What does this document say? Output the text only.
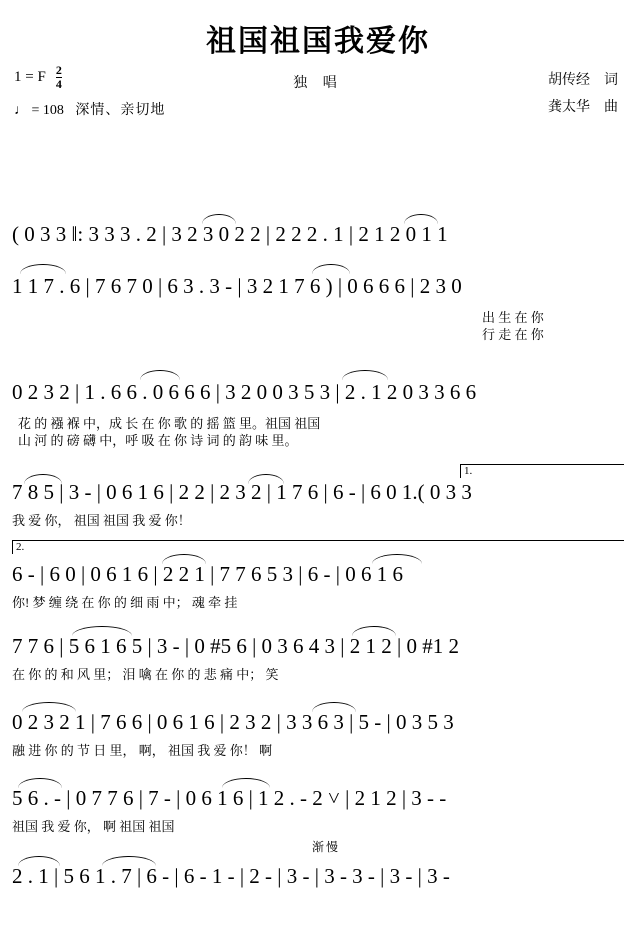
祖国祖国我爱你
独 唱
1 = F $\frac{2}{4}$
♩ = 108 深情、亲切地
胡传经 词
龚太华 曲
( 0 3 3 ‖: 3 3 3 . 2 | 3 2 3 0 2 2 | 2 2 2 . 1 | 2 1 2 0 1 1
1 1 7 . 6 | 7 6 7 0 | 6 3 . 3 - | 3 2 1 7 6 ) | 0 6 6 6 | 2 3 0
出 生 在 你
行 走 在 你
0 2 3 2 | 1 . 6 6 . 0 6 6 6 | 3 2 0 0 3 5 3 | 2 . 1 2 0 3 3 6 6
花 的 襁 褓 中，成 长 在 你 歌 的 摇 篮 里。祖国 祖国
山 河 的 磅 礴 中，呼 吸 在 你 诗 词 的 韵 味 里。
1.
7 8 5 | 3 - | 0 6 1 6 | 2 2 | 2 3 2 | 1 7 6 | 6 - | 6 0 1.( 0 3 3
我 爱 你， 祖国 祖国 我 爱 你！
2.
6 - | 6 0 | 0 6 1 6 | 2 2 1 | 7 7 6 5 3 | 6 - | 0 6 1 6
你! 梦 缠 绕 在 你 的 细 雨 中； 魂 牵 挂
7 7 6 | 5 6 1 6 5 | 3 - | 0 #5 6 | 0 3 6 4 3 | 2 1 2 | 0 #1 2
在 你 的 和 风 里； 泪 噙 在 你 的 悲 痛 中； 笑
0 2 3 2 1 | 7 6 6 | 0 6 1 6 | 2 3 2 | 3 3 6 3 | 5 - | 0 3 5 3
融 进 你 的 节 日 里， 啊， 祖国 我 爱 你！ 啊
5 6 . - | 0 7 7 6 | 7 - | 0 6 1 6 | 1 2 . - 2 ˅ | 2 1 2 | 3 - -
祖国 我 爱 你， 啊 祖国 祖国
渐慢
2 . 1 | 5 6 1 . 7 | 6 - | 6 - 1 - | 2 - | 3 - | 3 - 3 - | 3 - | 3 -
